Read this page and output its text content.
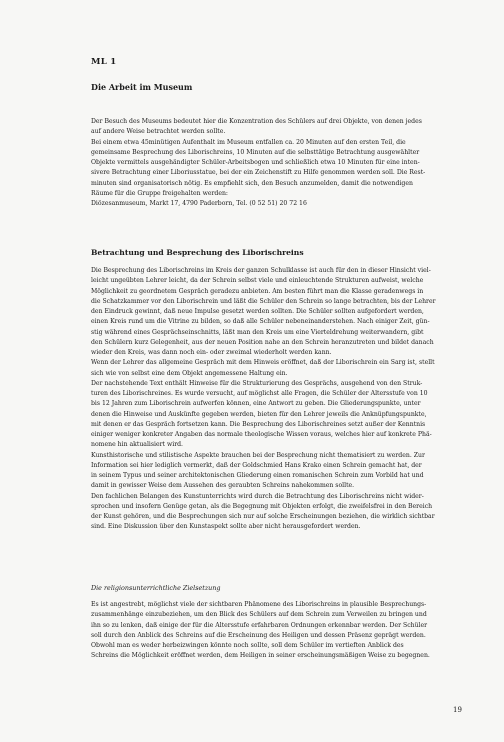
ML 1
Die Arbeit im Museum

Der Besuch des Museums bedeutet hier die Konzentration des Schülers auf drei Objekte, von denen jedes

auf andere Weise betrachtet werden sollte.

Bei einem etwa 45minütigen Aufenthalt im Museum entfallen ca. 20 Minuten auf den ersten Teil, die

gemeinsame Besprechung des Liborischreins, 10 Minuten auf die selbsttätige Betrachtung ausgewählter

Objekte vermittels ausgehändigter Schüler-Arbeitsbogen und schließlich etwa 10 Minuten für eine inten-

sivere Betrachtung einer Liboriusstatue, bei der ein Zeichenstift zu Hilfe genommen werden soll. Die Rest-

minuten sind organisatorisch nötig. Es empfiehlt sich, den Besuch anzumelden, damit die notwendigen

Räume für die Gruppe freigehalten werden:

Diözesanmuseum, Markt 17, 4790 Paderborn, Tel. (0 52 51) 20 72 16

Betrachtung und Besprechung des Liborischreins

Die Besprechung des Liborischreins im Kreis der ganzen Schulklasse ist auch für den in dieser Hinsicht viel-

leicht ungeübten Lehrer leicht, da der Schrein selbst viele und einleuchtende Strukturen aufweist, welche

Möglichkeit zu geordnetem Gespräch geradezu anbieten. Am besten führt man die Klasse geradenwegs in

die Schatzkammer vor den Liborischrein und läßt die Schüler den Schrein so lange betrachten, bis der Lehrer

den Eindruck gewinnt, daß neue Impulse gesetzt werden sollten. Die Schüler sollten aufgefordert werden,

einen Kreis rund um die Vitrine zu bilden, so daß alle Schüler nebeneinanderstehen. Nach einiger Zeit, gün-

stig während eines Gesprächseinschnitts, läßt man den Kreis um eine Vierteldrehung weiterwandern, gibt

den Schülern kurz Gelegenheit, aus der neuen Position nahe an den Schrein heranzutreten und bildet danach

wieder den Kreis, was dann noch ein- oder zweimal wiederholt werden kann.

Wenn der Lehrer das allgemeine Gespräch mit dem Hinweis eröffnet, daß der Liborischrein ein Sarg ist, stellt

sich wie von selbst eine dem Objekt angemessene Haltung ein.

Der nachstehende Text enthält Hinweise für die Strukturierung des Gesprächs, ausgehend von den Struk-

turen des Liborischreines. Es wurde versucht, auf möglichst alle Fragen, die Schüler der Altersstufe von 10

bis 12 Jahren zum Liborischrein aufwerfen können, eine Antwort zu geben. Die Gliederungspunkte, unter

denen die Hinweise und Auskünfte gegeben werden, bieten für den Lehrer jeweils die Anknüpfungspunkte,

mit denen er das Gespräch fortsetzen kann. Die Besprechung des Liborischreines setzt außer der Kenntnis

einiger weniger konkreter Angaben das normale theologische Wissen voraus, welches hier auf konkrete Phä-

nomene hin aktualisiert wird.

Kunsthistorische und stilistische Aspekte brauchen bei der Besprechung nicht thematisiert zu werden. Zur

Information sei hier lediglich vermerkt, daß der Goldschmied Hans Krako einen Schrein gemacht hat, der

in seinem Typus und seiner architektonischen Gliederung einen romanischen Schrein zum Vorbild hat und

damit in gewisser Weise dem Aussehen des geraubten Schreins nahekommen sollte.

Den fachlichen Belangen des Kunstunterrichts wird durch die Betrachtung des Liborischreins nicht wider-

sprochen und insofern Genüge getan, als die Begegnung mit Objekten erfolgt, die zweifelsfrei in den Bereich

der Kunst gehören, und die Besprechungen sich nur auf solche Erscheinungen beziehen, die wirklich sichtbar

sind. Eine Diskussion über den Kunstaspekt sollte aber nicht herausgefordert werden.

Die religionsunterrichtliche Zielsetzung

Es ist angestrebt, möglichst viele der sichtbaren Phänomene des Liborischreins in plausible Besprechungs-

zusammenhänge einzubeziehen, um den Blick des Schülers auf dem Schrein zum Verweilen zu bringen und

ihn so zu lenken, daß einige der für die Altersstufe erfahrbaren Ordnungen erkennbar werden. Der Schüler

soll durch den Anblick des Schreins auf die Erscheinung des Heiligen und dessen Präsenz geprägt werden.

Obwohl man es weder herbeizwingen könnte noch sollte, soll dem Schüler im vertieften Anblick des

Schreins die Möglichkeit eröffnet werden, dem Heiligen in seiner erscheinungsmäßigen Weise zu begegnen.

19
